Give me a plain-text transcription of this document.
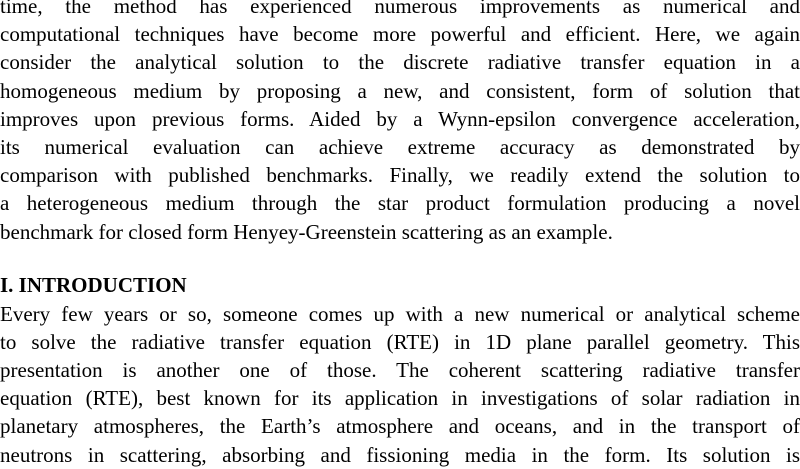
time, the method has experienced numerous improvements as numerical and
computational techniques have become more powerful and efficient. Here, we again
consider the analytical solution to the discrete radiative transfer equation in a
homogeneous medium by proposing a new, and consistent, form of solution that
improves upon previous forms. Aided by a Wynn-epsilon convergence acceleration,
its numerical evaluation can achieve extreme accuracy as demonstrated by
comparison with published benchmarks. Finally, we readily extend the solution to
a heterogeneous medium through the star product formulation producing a novel
benchmark for closed form Henyey-Greenstein scattering as an example.
I. INTRODUCTION
Every few years or so, someone comes up with a new numerical or analytical scheme
to solve the radiative transfer equation (RTE) in 1D plane parallel geometry. This
presentation is another one of those. The coherent scattering radiative transfer
equation (RTE), best known for its application in investigations of solar radiation in
planetary atmospheres, the Earth’s atmosphere and oceans, and in the transport of
neutrons in scattering, absorbing and fissioning media in the form. Its solution is
